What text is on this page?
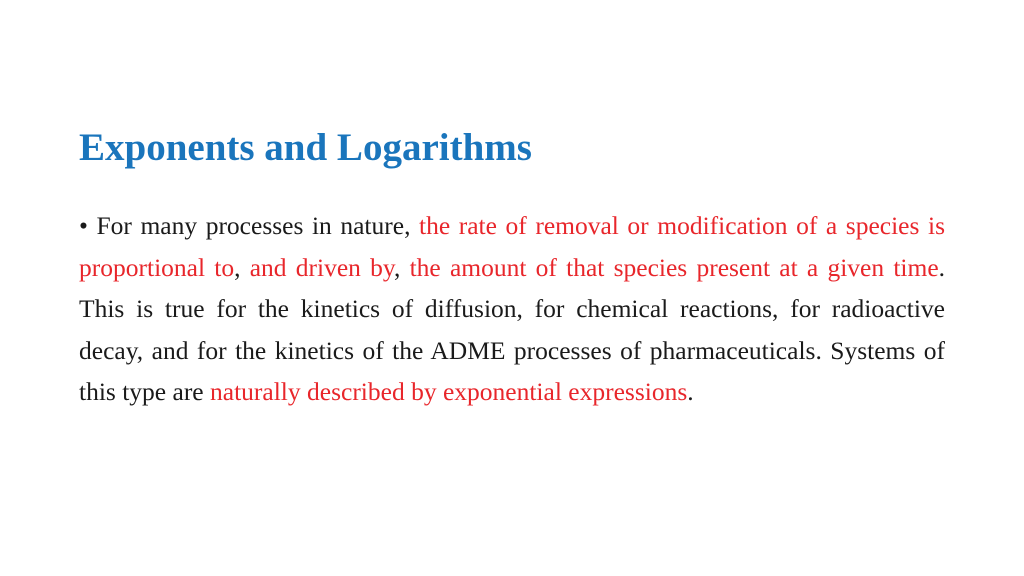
Exponents and Logarithms

• For many processes in nature, the rate of removal or modification of a species is proportional to, and driven by, the amount of that species present at a given time. This is true for the kinetics of diffusion, for chemical reactions, for radioactive decay, and for the kinetics of the ADME processes of pharmaceuticals. Systems of this type are naturally described by exponential expressions.
